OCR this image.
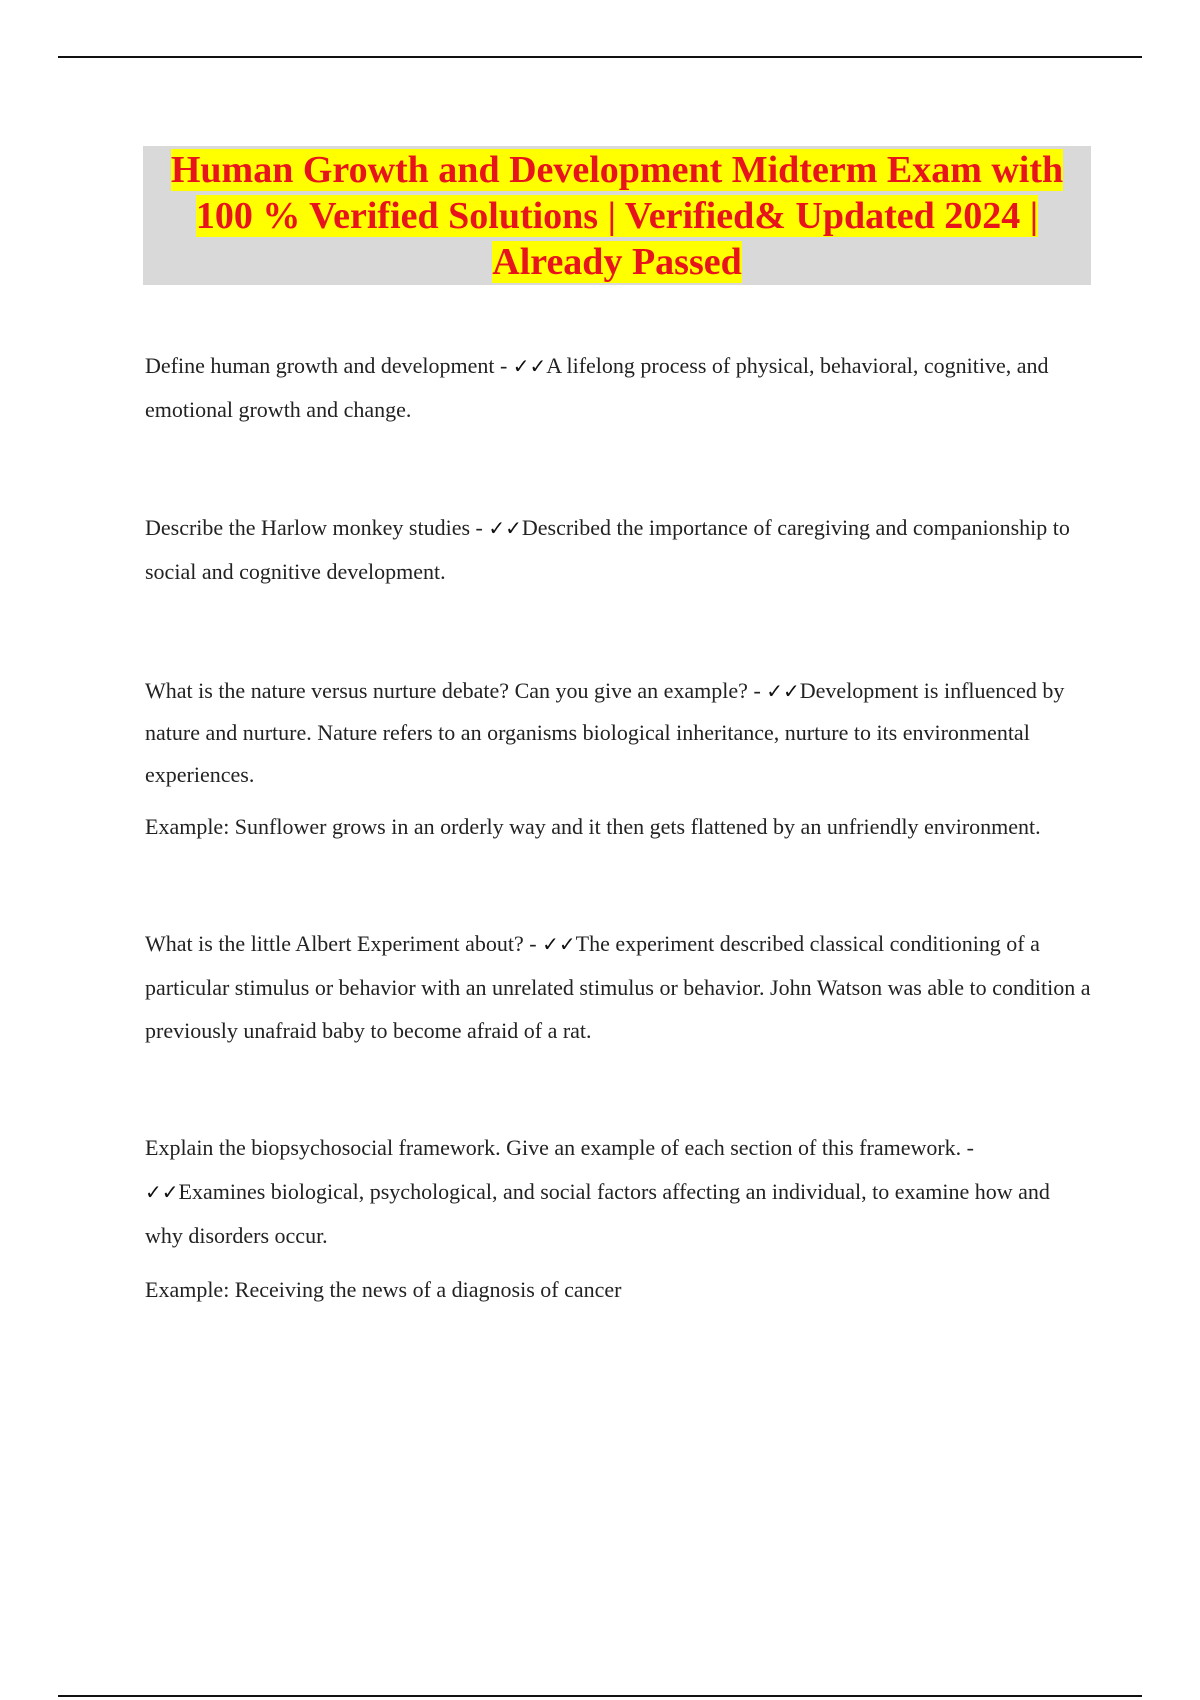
Human Growth and Development Midterm Exam with 100 % Verified Solutions | Verified& Updated 2024 | Already Passed

Define human growth and development - ✓✓A lifelong process of physical, behavioral, cognitive, and emotional growth and change.

Describe the Harlow monkey studies - ✓✓Described the importance of caregiving and companionship to social and cognitive development.

What is the nature versus nurture debate? Can you give an example? - ✓✓Development is influenced by nature and nurture. Nature refers to an organisms biological inheritance, nurture to its environmental experiences.

Example: Sunflower grows in an orderly way and it then gets flattened by an unfriendly environment.

What is the little Albert Experiment about? - ✓✓The experiment described classical conditioning of a particular stimulus or behavior with an unrelated stimulus or behavior. John Watson was able to condition a previously unafraid baby to become afraid of a rat.

Explain the biopsychosocial framework. Give an example of each section of this framework. - ✓✓Examines biological, psychological, and social factors affecting an individual, to examine how and why disorders occur.

Example: Receiving the news of a diagnosis of cancer
